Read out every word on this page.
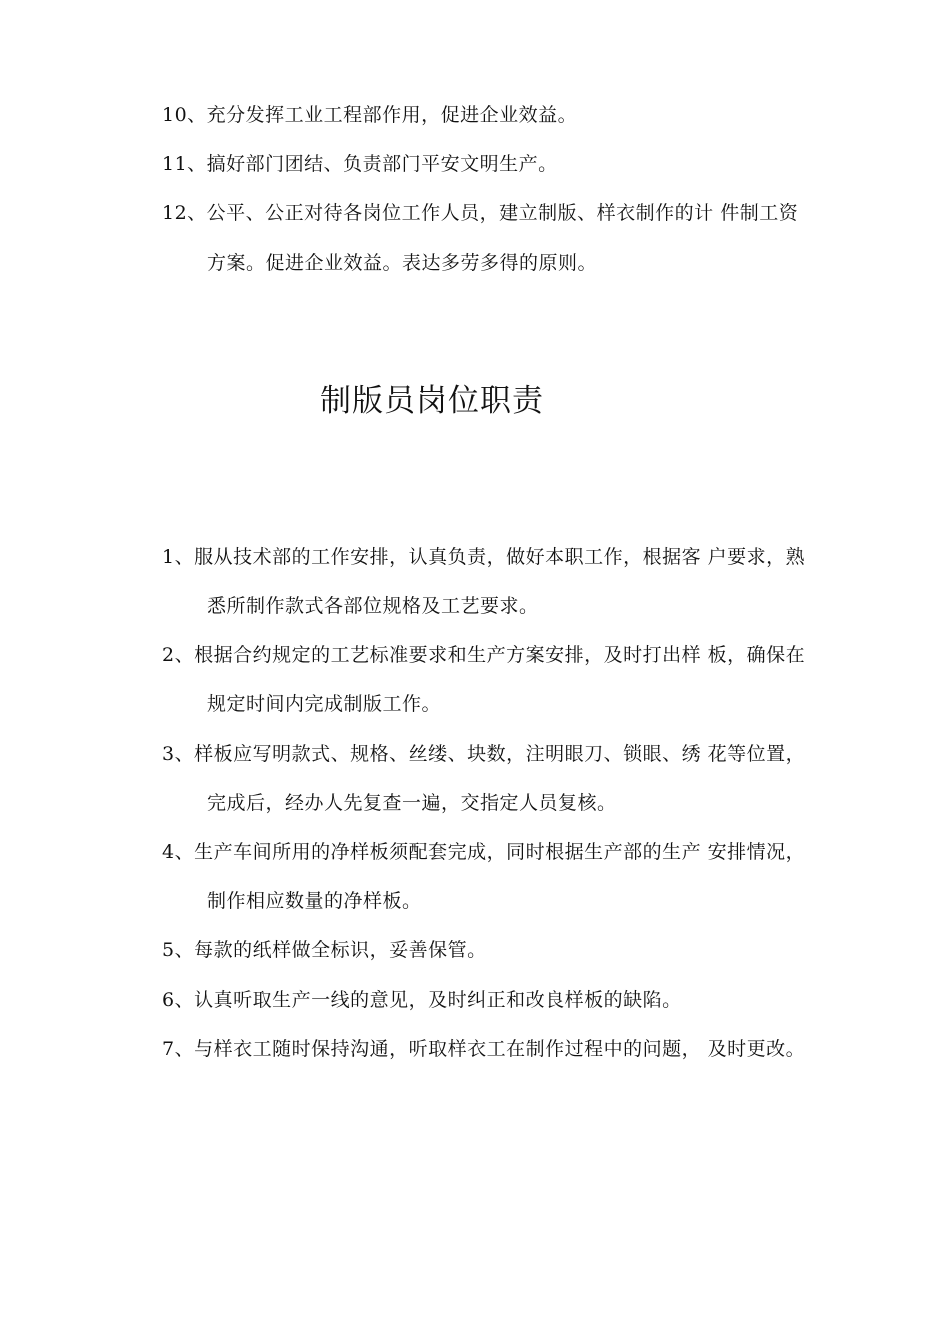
10、充分发挥工业工程部作用，促进企业效益。
11、搞好部门团结、负责部门平安文明生产。
12、公平、公正对待各岗位工作人员，建立制版、样衣制作的计 件制工资
方案。促进企业效益。表达多劳多得的原则。
制版员岗位职责
1、服从技术部的工作安排，认真负责，做好本职工作，根据客 户要求，熟
悉所制作款式各部位规格及工艺要求。
2、根据合约规定的工艺标准要求和生产方案安排，及时打出样 板，确保在
规定时间内完成制版工作。
3、样板应写明款式、规格、丝缕、块数，注明眼刀、锁眼、绣 花等位置，
完成后，经办人先复查一遍，交指定人员复核。
4、生产车间所用的净样板须配套完成，同时根据生产部的生产 安排情况，
制作相应数量的净样板。
5、每款的纸样做全标识，妥善保管。
6、认真听取生产一线的意见，及时纠正和改良样板的缺陷。
7、与样衣工随时保持沟通，听取样衣工在制作过程中的问题， 及时更改。
